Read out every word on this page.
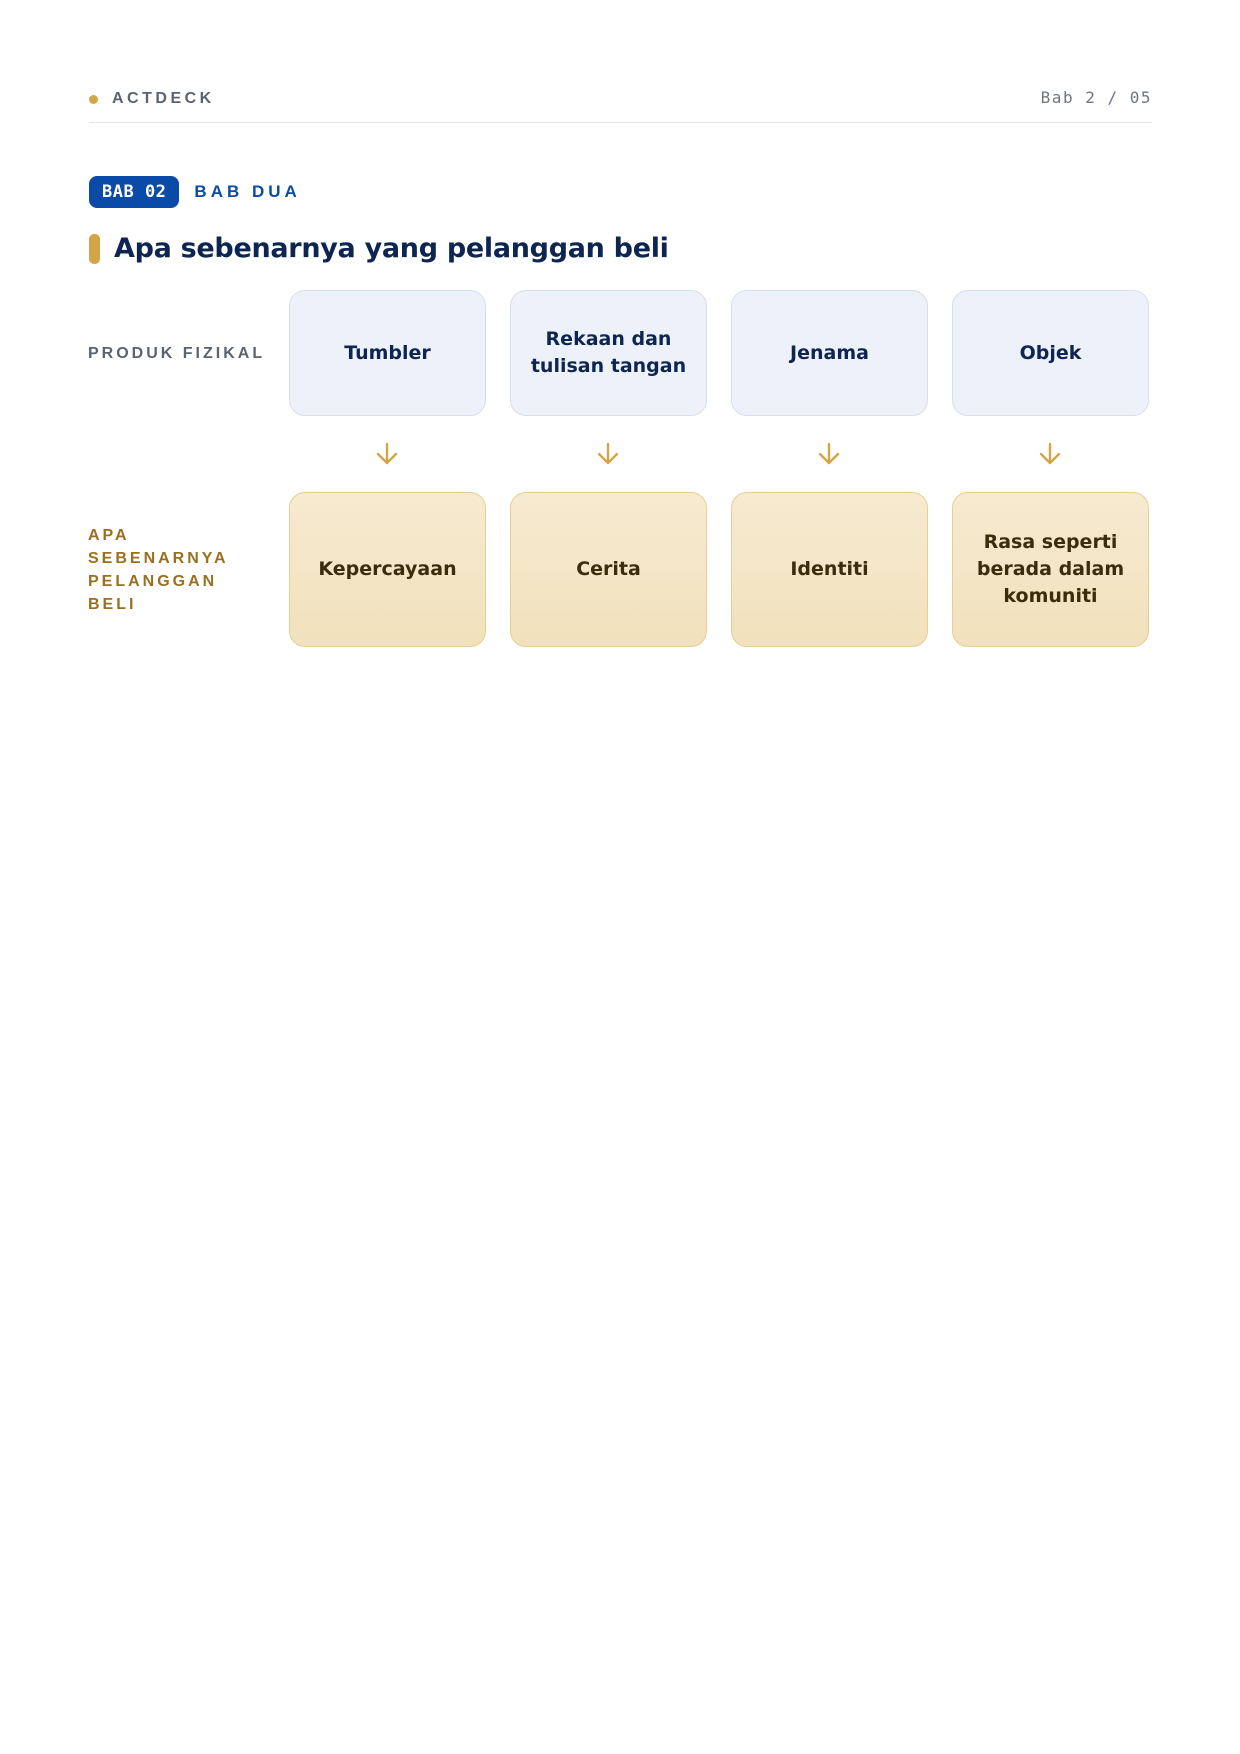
ACTDECK	Bab 2 / 05
BAB 02	BAB DUA
Apa sebenarnya yang pelanggan beli
PRODUK FIZIKAL
APA SEBENARNYA PELANGGAN BELI
Tumbler
Rekaan dan tulisan tangan
Jenama	Objek
Kepercayaan	Cerita	Identiti
Rasa seperti berada dalam komuniti
